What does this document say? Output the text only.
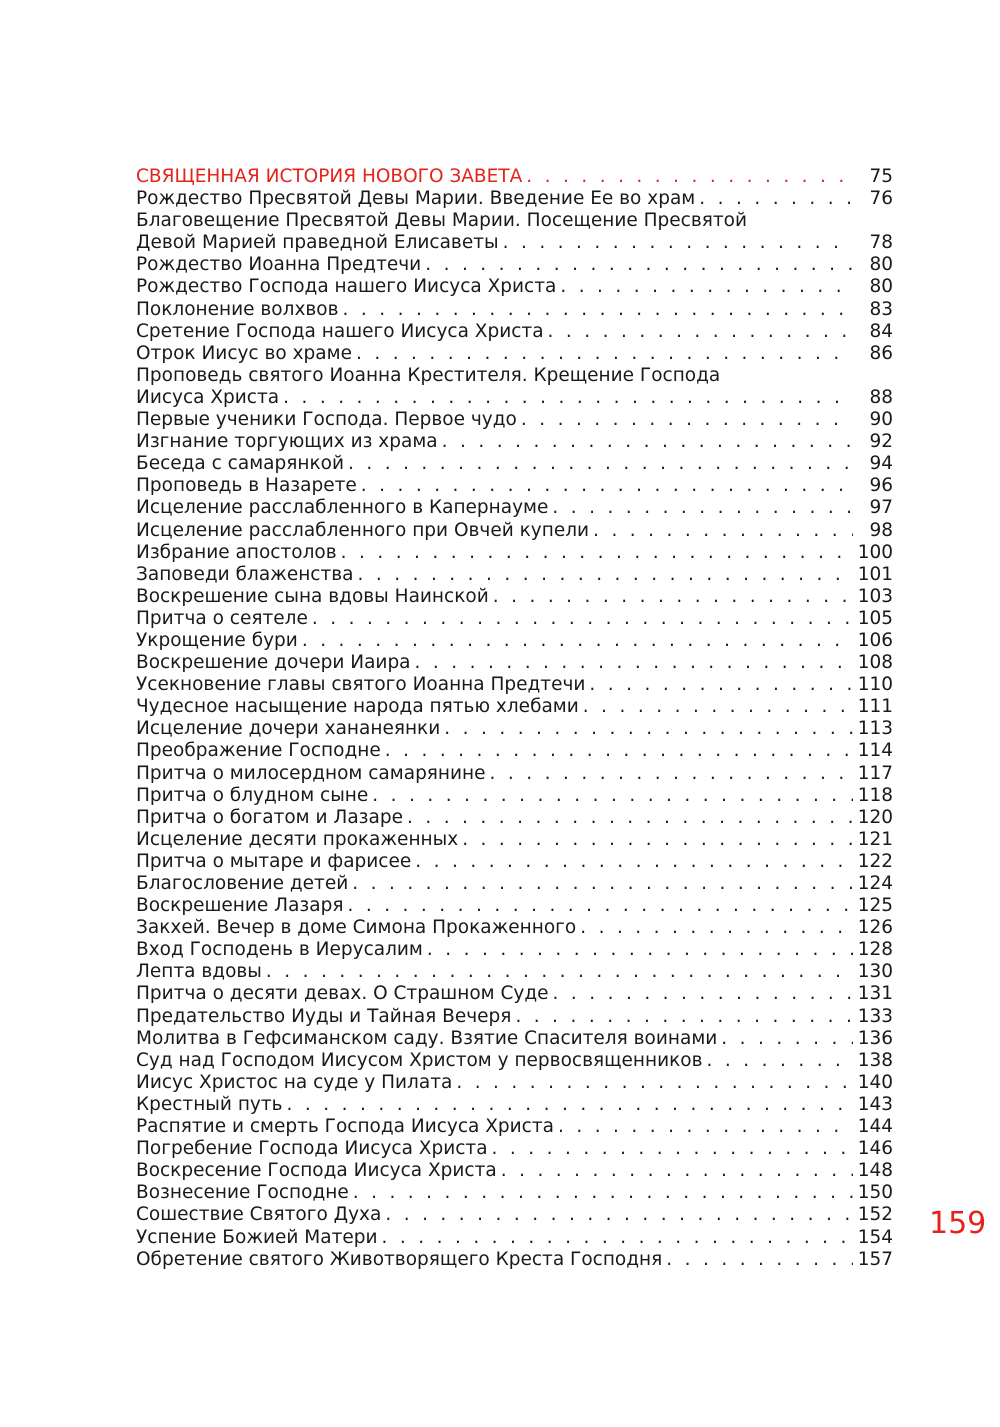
СВЯЩЕННАЯ ИСТОРИЯ НОВОГО ЗАВЕТА . . .	75
Рождество Пресвятой Девы Марии. Введение Ее во храм . . .	76
Благовещение Пресвятой Девы Марии. Посещение Пресвятой
Девой Марией праведной Елисаветы . . .	78
Рождество Иоанна Предтечи . . .	80
Рождество Господа нашего Иисуса Христа . . .	80
Поклонение волхвов . . .	83
Сретение Господа нашего Иисуса Христа . . .	84
Отрок Иисус во храме . . .	86
Проповедь святого Иоанна Крестителя. Крещение Господа
Иисуса Христа . . .	88
Первые ученики Господа. Первое чудо . . .	90
Изгнание торгующих из храма . . .	92
Беседа с самарянкой . . .	94
Проповедь в Назарете . . .	96
Исцеление расслабленного в Капернауме . . .	97
Исцеление расслабленного при Овчей купели . . .	98
Избрание апостолов . . .	100
Заповеди блаженства . . .	101
Воскрешение сына вдовы Наинской . . .	103
Притча о сеятеле . . .	105
Укрощение бури . . .	106
Воскрешение дочери Иаира . . .	108
Усекновение главы святого Иоанна Предтечи . . .	110
Чудесное насыщение народа пятью хлебами . . .	111
Исцеление дочери хананеянки . . .	113
Преображение Господне . . .	114
Притча о милосердном самарянине . . .	117
Притча о блудном сыне . . .	118
Притча о богатом и Лазаре . . .	120
Исцеление десяти прокаженных . . .	121
Притча о мытаре и фарисее . . .	122
Благословение детей . . .	124
Воскрешение Лазаря . . .	125
Закхей. Вечер в доме Симона Прокаженного . . .	126
Вход Господень в Иерусалим . . .	128
Лепта вдовы . . .	130
Притча о десяти девах. О Страшном Суде . . .	131
Предательство Иуды и Тайная Вечеря . . .	133
Молитва в Гефсиманском саду. Взятие Спасителя воинами . . .	136
Суд над Господом Иисусом Христом у первосвященников . . .	138
Иисус Христос на суде у Пилата . . .	140
Крестный путь . . .	143
Распятие и смерть Господа Иисуса Христа . . .	144
Погребение Господа Иисуса Христа . . .	146
Воскресение Господа Иисуса Христа . . .	148
Вознесение Господне . . .	150
Сошествие Святого Духа . . .	152
Успение Божией Матери . . .	154
Обретение святого Животворящего Креста Господня . . .	157
159
